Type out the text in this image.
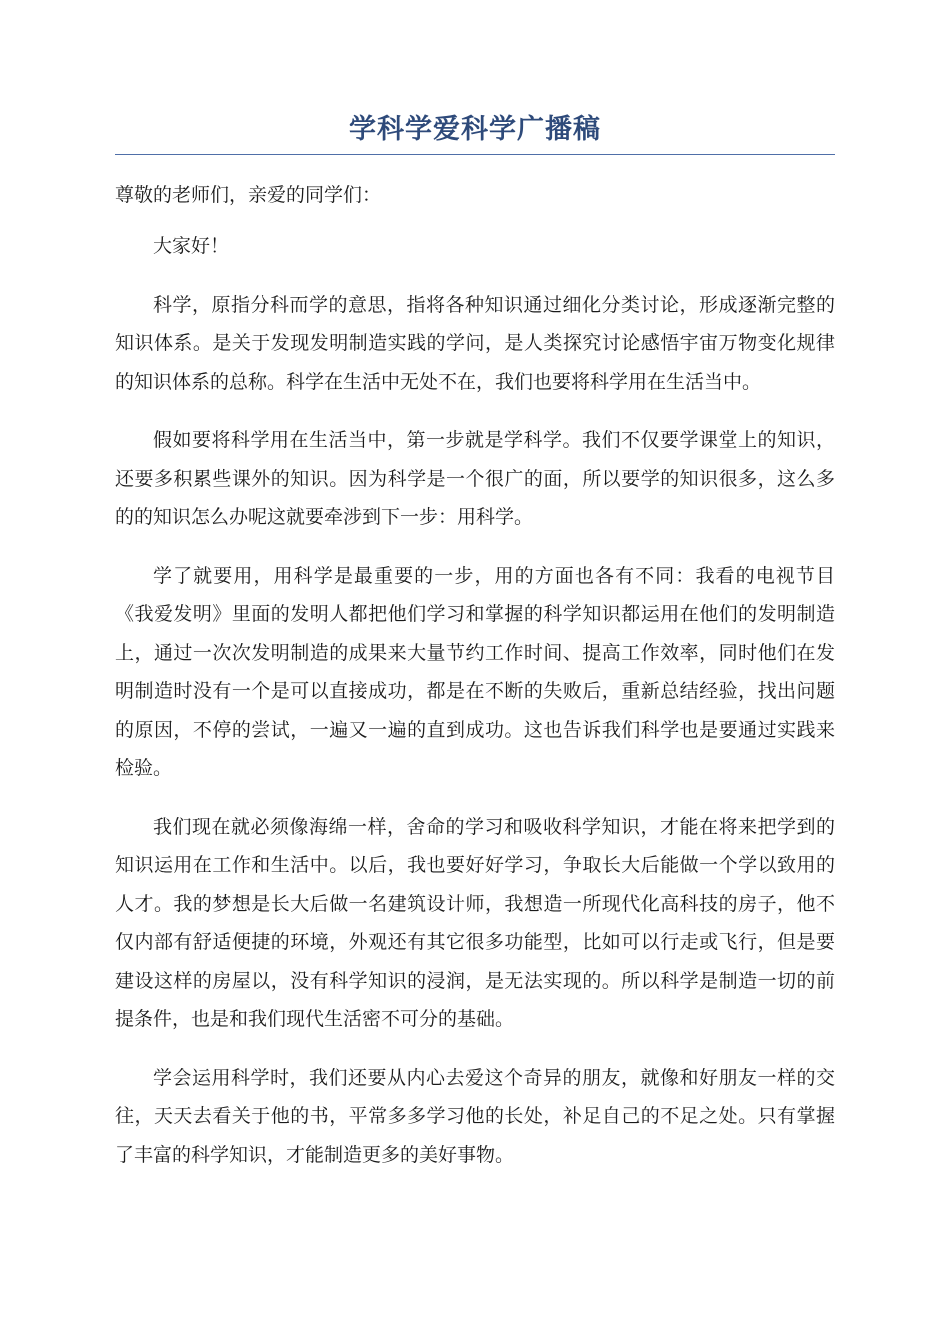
学科学爱科学广播稿

尊敬的老师们，亲爱的同学们：

大家好！

科学，原指分科而学的意思，指将各种知识通过细化分类讨论，形成逐渐完整的知识体系。是关于发现发明制造实践的学问，是人类探究讨论感悟宇宙万物变化规律的知识体系的总称。科学在生活中无处不在，我们也要将科学用在生活当中。

假如要将科学用在生活当中，第一步就是学科学。我们不仅要学课堂上的知识，还要多积累些课外的知识。因为科学是一个很广的面，所以要学的知识很多，这么多的的知识怎么办呢这就要牵涉到下一步：用科学。

学了就要用，用科学是最重要的一步，用的方面也各有不同：我看的电视节目《我爱发明》里面的发明人都把他们学习和掌握的科学知识都运用在他们的发明制造上，通过一次次发明制造的成果来大量节约工作时间、提高工作效率，同时他们在发明制造时没有一个是可以直接成功，都是在不断的失败后，重新总结经验，找出问题的原因，不停的尝试，一遍又一遍的直到成功。这也告诉我们科学也是要通过实践来检验。

我们现在就必须像海绵一样，舍命的学习和吸收科学知识，才能在将来把学到的知识运用在工作和生活中。以后，我也要好好学习，争取长大后能做一个学以致用的人才。我的梦想是长大后做一名建筑设计师，我想造一所现代化高科技的房子，他不仅内部有舒适便捷的环境，外观还有其它很多功能型，比如可以行走或飞行，但是要建设这样的房屋以，没有科学知识的浸润，是无法实现的。所以科学是制造一切的前提条件，也是和我们现代生活密不可分的基础。

学会运用科学时，我们还要从内心去爱这个奇异的朋友，就像和好朋友一样的交往，天天去看关于他的书，平常多多学习他的长处，补足自己的不足之处。只有掌握了丰富的科学知识，才能制造更多的美好事物。
